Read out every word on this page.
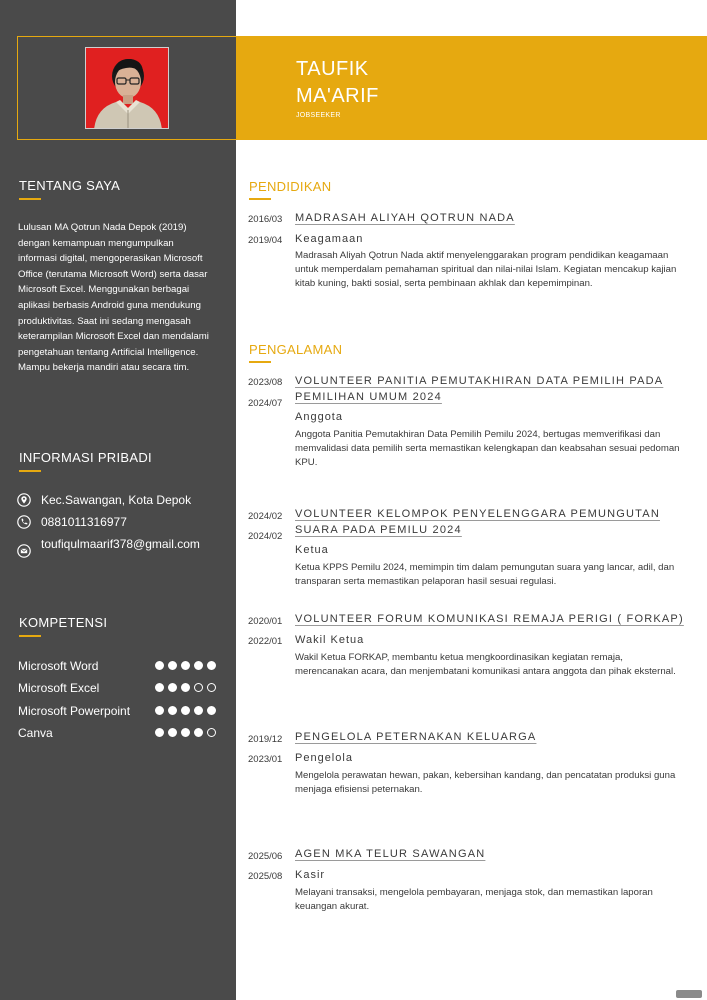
TAUFIK
MA'ARIF
JOBSEEKER
TENTANG SAYA
Lulusan MA Qotrun Nada Depok (2019) dengan kemampuan mengumpulkan informasi digital, mengoperasikan Microsoft Office (terutama Microsoft Word) serta dasar Microsoft Excel. Menggunakan berbagai aplikasi berbasis Android guna mendukung produktivitas. Saat ini sedang mengasah keterampilan Microsoft Excel dan mendalami pengetahuan tentang Artificial Intelligence. Mampu bekerja mandiri atau secara tim.
INFORMASI PRIBADI
Kec.Sawangan, Kota Depok
0881011316977
toufiqulmaarif378@gmail.com
KOMPETENSI
Microsoft Word
Microsoft Excel
Microsoft Powerpoint
Canva
PENDIDIKAN
2016/03
2019/04
MADRASAH ALIYAH QOTRUN NADA
Keagamaan
Madrasah Aliyah Qotrun Nada aktif menyelenggarakan program pendidikan keagamaan untuk memperdalam pemahaman spiritual dan nilai-nilai Islam. Kegiatan mencakup kajian kitab kuning, bakti sosial, serta pembinaan akhlak dan kepemimpinan.
PENGALAMAN
2023/08
2024/07
VOLUNTEER PANITIA PEMUTAKHIRAN DATA PEMILIH PADA PEMILIHAN UMUM 2024
Anggota
Anggota Panitia Pemutakhiran Data Pemilih Pemilu 2024, bertugas memverifikasi dan memvalidasi data pemilih serta memastikan kelengkapan dan keabsahan sesuai pedoman KPU.
2024/02
2024/02
VOLUNTEER KELOMPOK PENYELENGGARA PEMUNGUTAN SUARA PADA PEMILU 2024
Ketua
Ketua KPPS Pemilu 2024, memimpin tim dalam pemungutan suara yang lancar, adil, dan transparan serta memastikan pelaporan hasil sesuai regulasi.
2020/01
2022/01
VOLUNTEER FORUM KOMUNIKASI REMAJA PERIGI ( FORKAP)
Wakil Ketua
Wakil Ketua FORKAP, membantu ketua mengkoordinasikan kegiatan remaja, merencanakan acara, dan menjembatani komunikasi antara anggota dan pihak eksternal.
2019/12
2023/01
PENGELOLA PETERNAKAN KELUARGA
Pengelola
Mengelola perawatan hewan, pakan, kebersihan kandang, dan pencatatan produksi guna menjaga efisiensi peternakan.
2025/06
2025/08
AGEN MKA TELUR SAWANGAN
Kasir
Melayani transaksi, mengelola pembayaran, menjaga stok, dan memastikan laporan keuangan akurat.
